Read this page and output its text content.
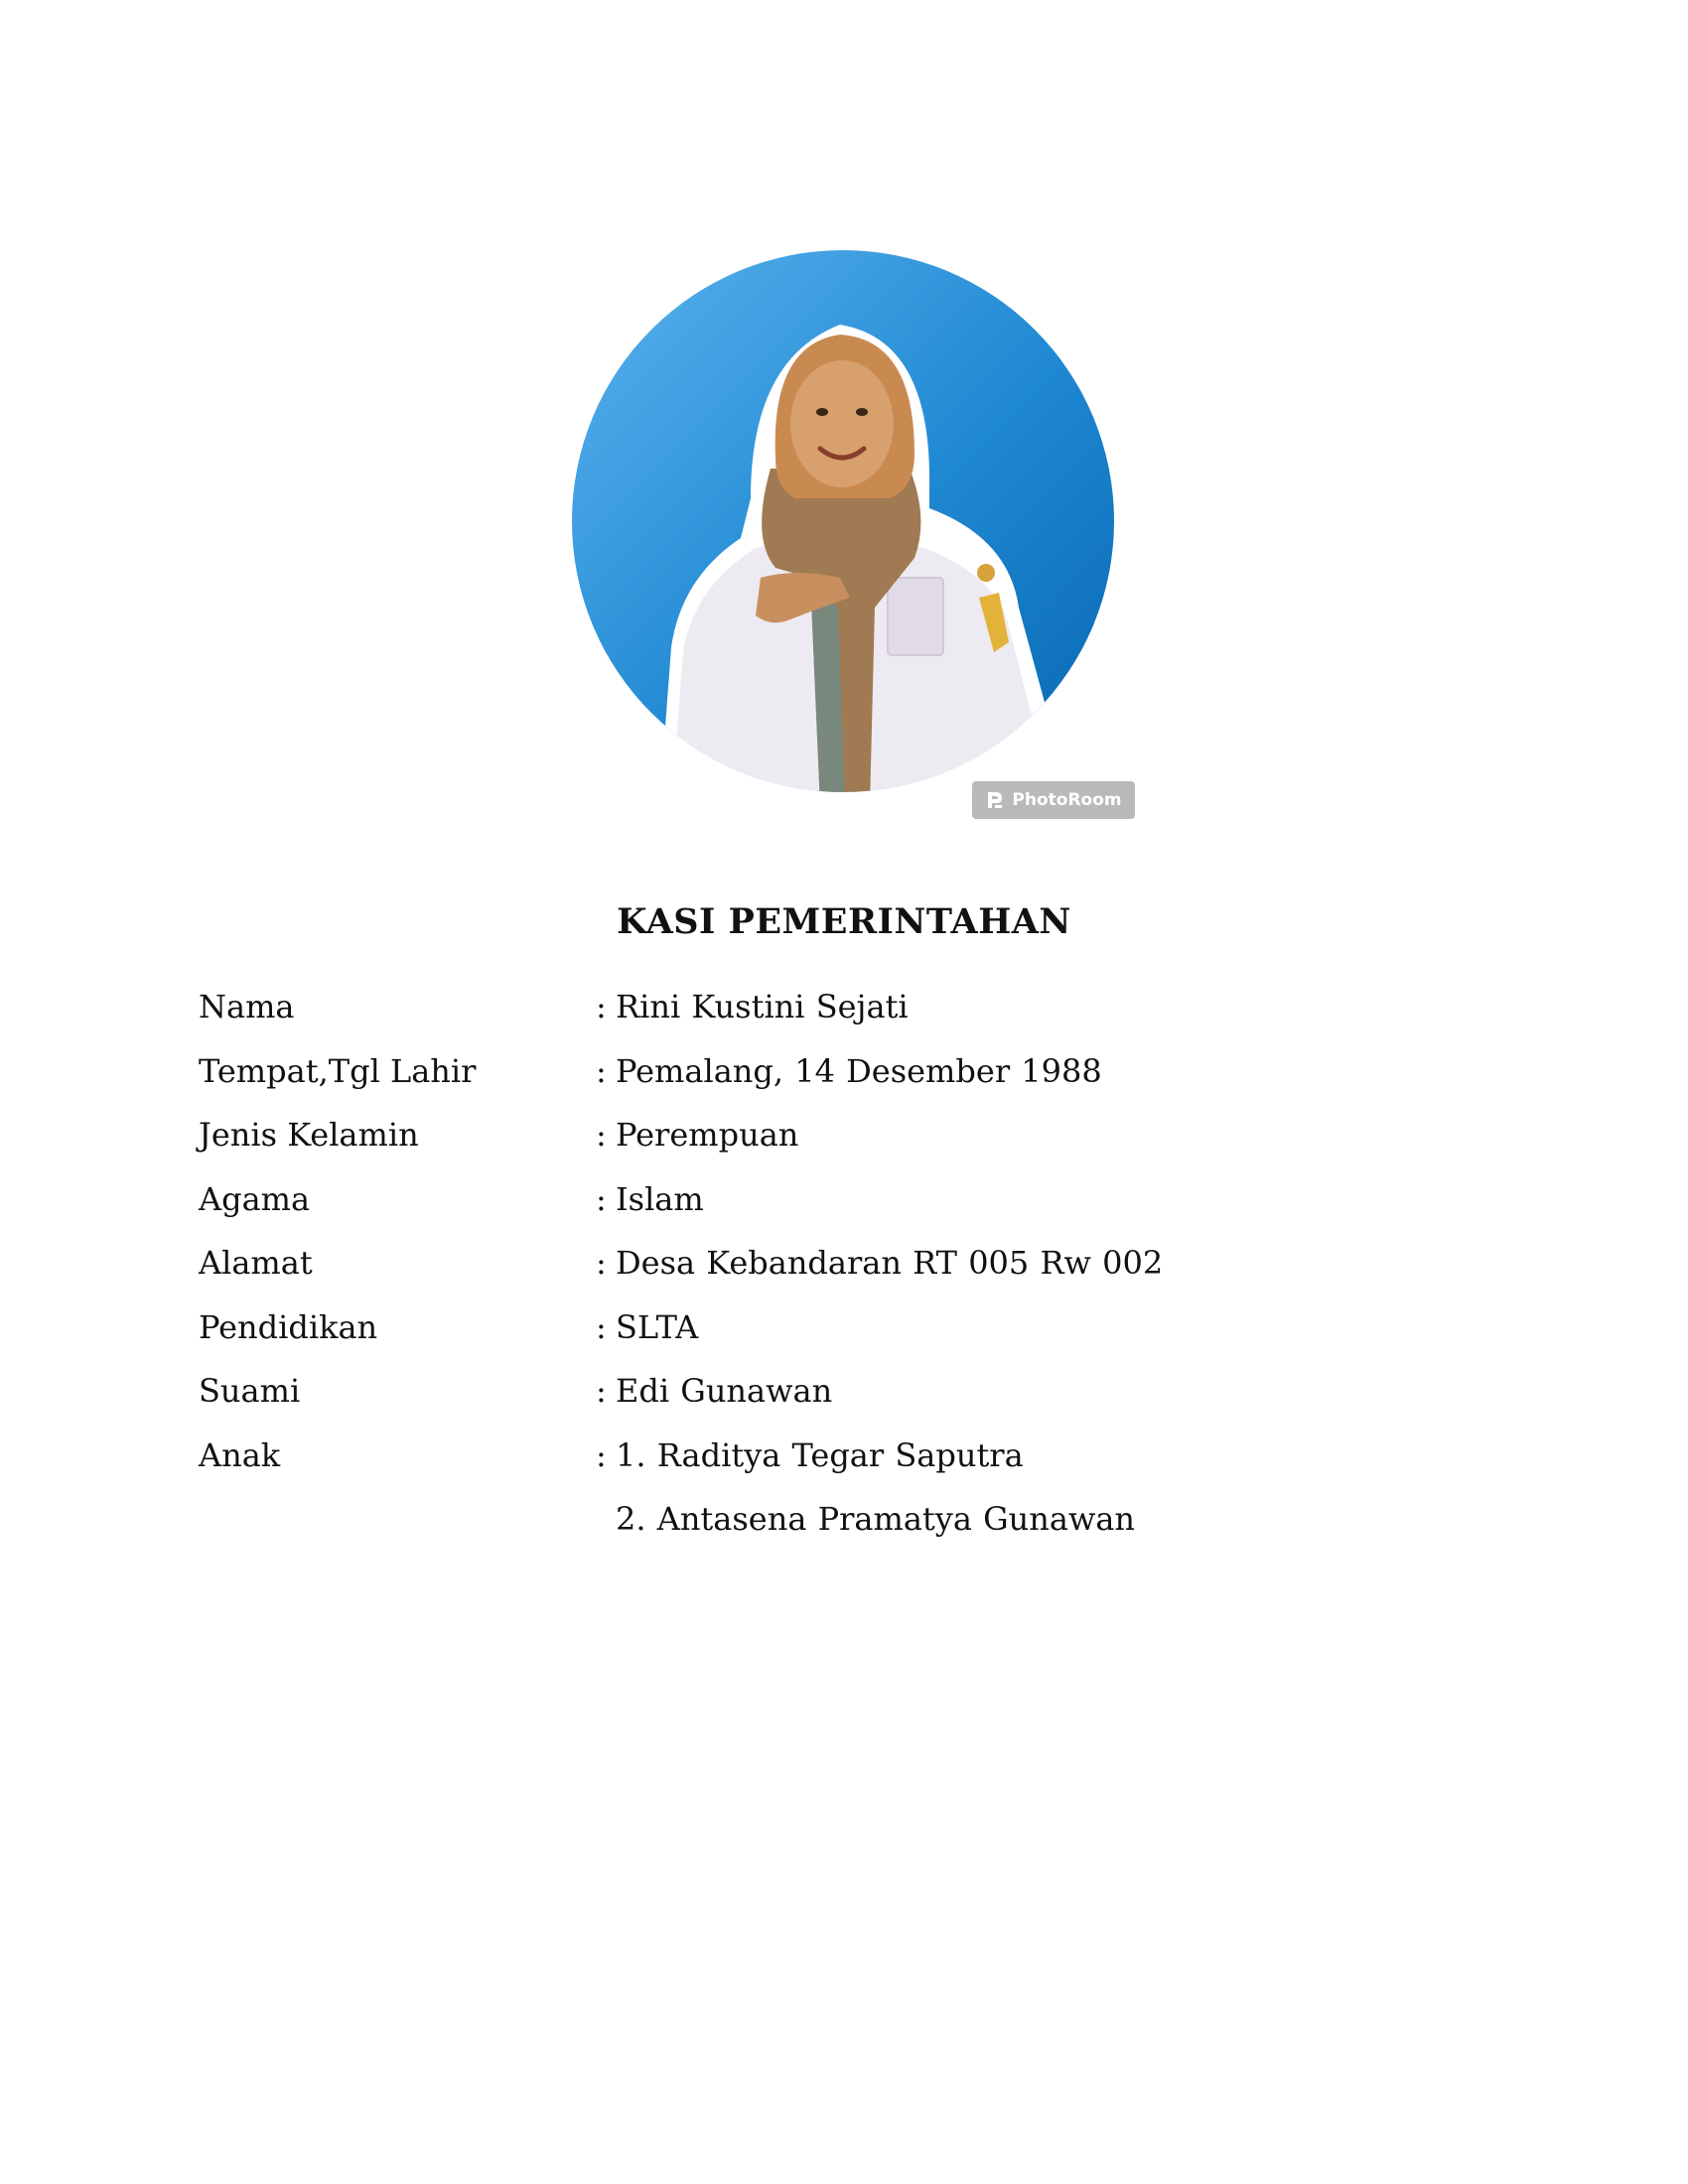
PhotoRoom
KASI PEMERINTAHAN
Nama	: Rini Kustini Sejati
Tempat,Tgl Lahir	: Pemalang, 14 Desember 1988
Jenis Kelamin	: Perempuan
Agama	: Islam
Alamat	: Desa Kebandaran RT 005 Rw 002
Pendidikan	: SLTA
Suami	: Edi Gunawan
Anak	: 1. Raditya Tegar Saputra
2. Antasena Pramatya Gunawan
